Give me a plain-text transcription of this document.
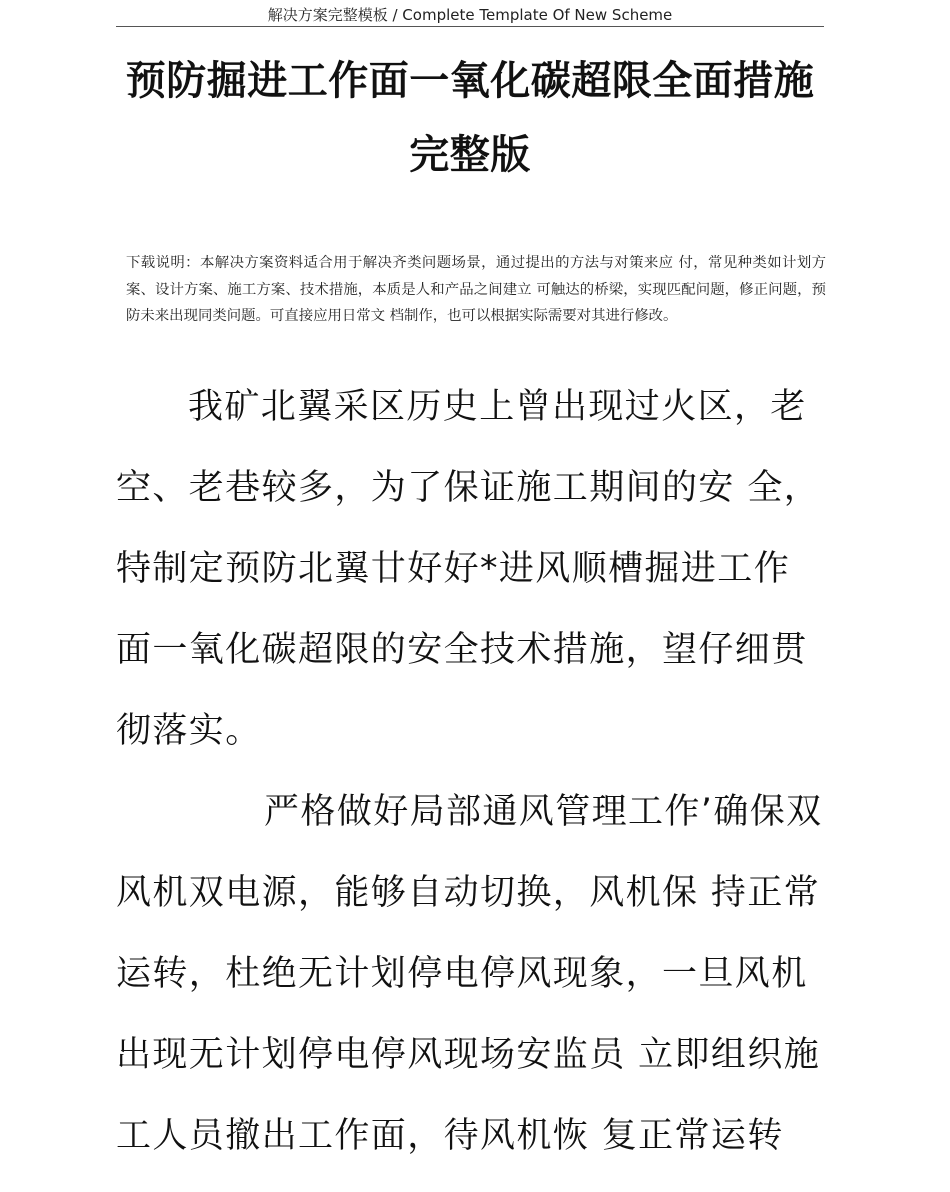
解决方案完整模板 / Complete Template Of New Scheme
预防掘进工作面一氧化碳超限全面措施完整版

下载说明：本解决方案资料适合用于解决齐类问题场景，通过提出的方法与对策来应 付，常见种类如计划方案、设计方案、施工方案、技术措施，本质是人和产品之间建立 可触达的桥梁，实现匹配问题，修正问题，预防未来出现同类问题。可直接应用日常文 档制作，也可以根据实际需要对其进行修改。

我矿北翼采区历史上曾出现过火区，老空、老巷较多，为了保证施工期间的安 全，特制定预防北翼廿好好*进风顺槽掘进工作面一氧化碳超限的安全技术措施，望仔细贯彻落实。

严格做好局部通风管理工作’确保双风机双电源，能够自动切换，风机保 持正常运转，杜绝无计划停电停风现象，一旦风机出现无计划停电停风现场安监员 立即组织施工人员撤出工作面，待风机恢 复正常运转
